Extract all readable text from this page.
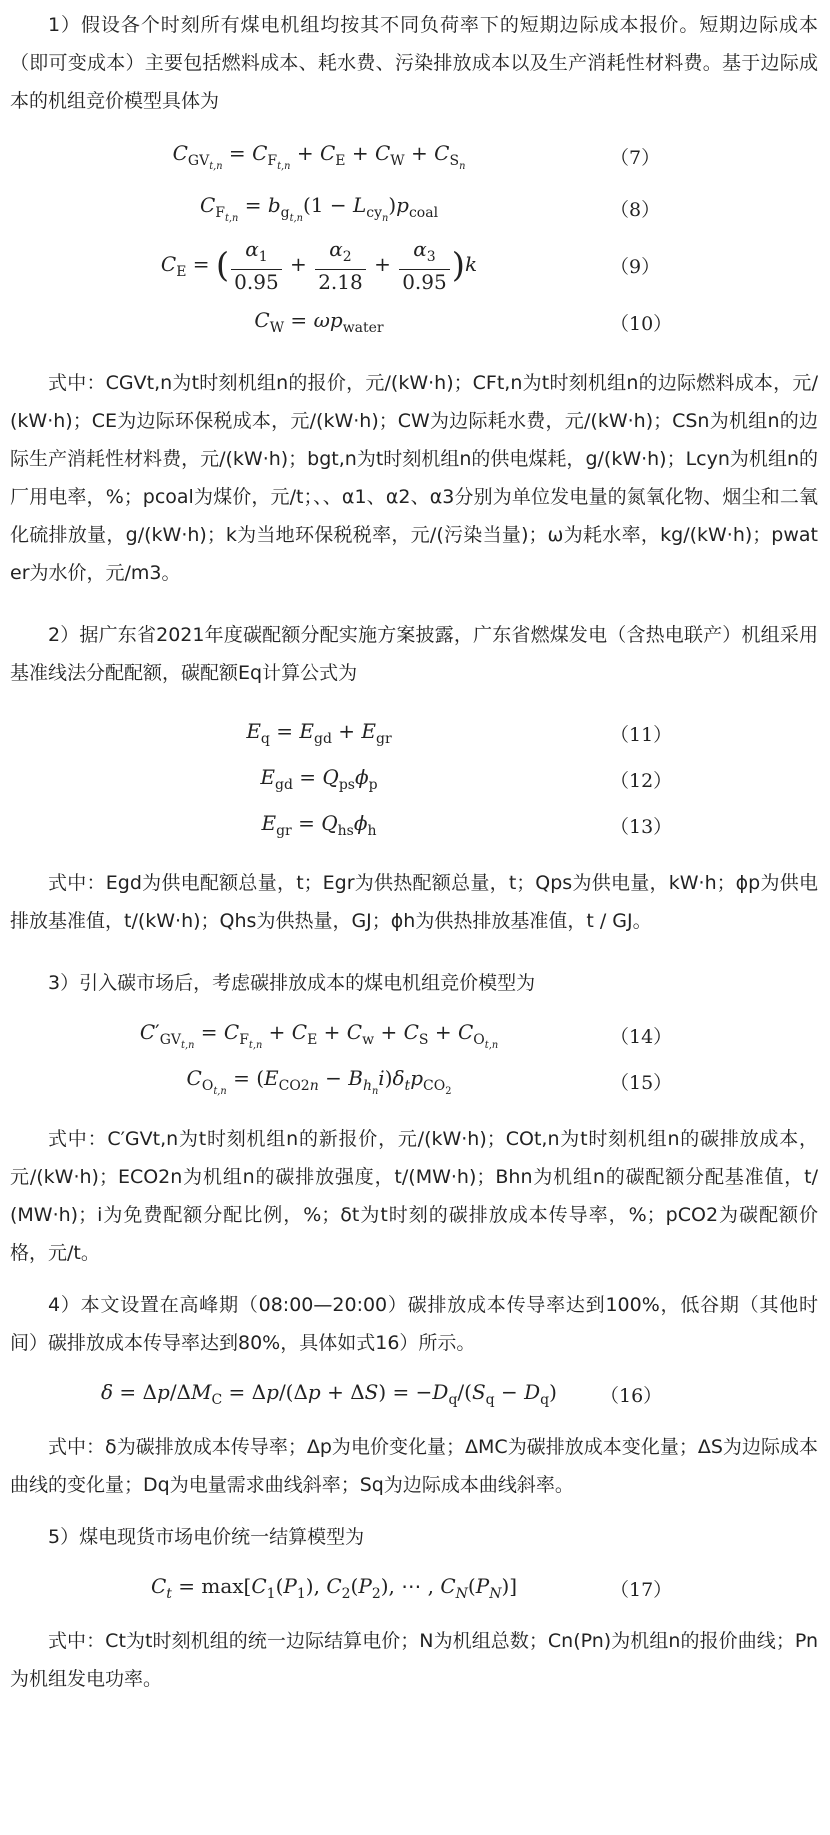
1）假设各个时刻所有煤电机组均按其不同负荷率下的短期边际成本报价。短期边际成本（即可变成本）主要包括燃料成本、耗水费、污染排放成本以及生产消耗性材料费。基于边际成本的机组竞价模型具体为

$C_{GV_{t,n}} = C_{F_{t,n}} + C_E + C_W + C_{S_n}$	（7）
$C_{F_{t,n}} = b_{g_{t,n}}(1 - L_{cy_n})p_{coal}$	（8）
$C_E$ = ( $\frac{\alpha_1}{0.95} + \frac{\alpha_2}{2.18} + \frac{\alpha_3}{0.95} )k$	（9）
$C_W = \omega p_{water}$	（10）

式中：CGVt,n为t时刻机组n的报价，元/(kW·h)；CFt,n为t时刻机组n的边际燃料成本，元/(kW·h)；CE为边际环保税成本，元/(kW·h)；CW为边际耗水费，元/(kW·h)；CSn为机组n的边际生产消耗性材料费，元/(kW·h)；bgt,n为t时刻机组n的供电煤耗，g/(kW·h)；Lcyn为机组n的厂用电率，%；pcoal为煤价，元/t；、、α1、α2、α3分别为单位发电量的氮氧化物、烟尘和二氧化硫排放量，g/(kW·h)；k为当地环保税税率，元/(污染当量)；ω为耗水率，kg/(kW·h)；pwater为水价，元/m3。

2）据广东省2021年度碳配额分配实施方案披露，广东省燃煤发电（含热电联产）机组采用基准线法分配配额，碳配额Eq计算公式为

$E_q = E_{gd} + E_{gr}$	（11）
$E_{gd} = Q_{ps}\phi_p$	（12）
$E_{gr} = Q_{hs}\phi_h$	（13）

式中：Egd为供电配额总量，t；Egr为供热配额总量，t；Qps为供电量，kW·h；ϕp为供电排放基准值，t/(kW·h)；Qhs为供热量，GJ；ϕh为供热排放基准值，t / GJ。

3）引入碳市场后，考虑碳排放成本的煤电机组竞价模型为

$C'_{GV_{t,n}} = C_{F_{t,n}} + C_E + C_w + C_S + C_{O_{t,n}}$	（14）
$C_{O_{t,n}} = (E_{CO2n} - B_{h_n}i)\delta_tp_{CO_2}$	（15）

式中：C′GVt,n为t时刻机组n的新报价，元/(kW·h)；COt,n为t时刻机组n的碳排放成本，元/(kW·h)；ECO2n为机组n的碳排放强度，t/(MW·h)；Bhn为机组n的碳配额分配基准值，t/(MW·h)；i为免费配额分配比例，%；δt为t时刻的碳排放成本传导率，%；pCO2为碳配额价格，元/t。

4）本文设置在高峰期（08:00—20:00）碳排放成本传导率达到100%，低谷期（其他时间）碳排放成本传导率达到80%，具体如式16）所示。

$\delta = \Delta p/\Delta M_C = \Delta p/(\Delta p + \Delta S) = -D_q/(S_q - D_q)$	（16）

式中：δ为碳排放成本传导率；Δp为电价变化量；ΔMC为碳排放成本变化量；ΔS为边际成本曲线的变化量；Dq为电量需求曲线斜率；Sq为边际成本曲线斜率。

5）煤电现货市场电价统一结算模型为

$C_t = \max[C_1(P_1)$, $C_2(P_2)$, ⋯ , $C_N(P_N)$]	（17）

式中：Ct为t时刻机组的统一边际结算电价；N为机组总数；Cn(Pn)为机组n的报价曲线；Pn为机组发电功率。
